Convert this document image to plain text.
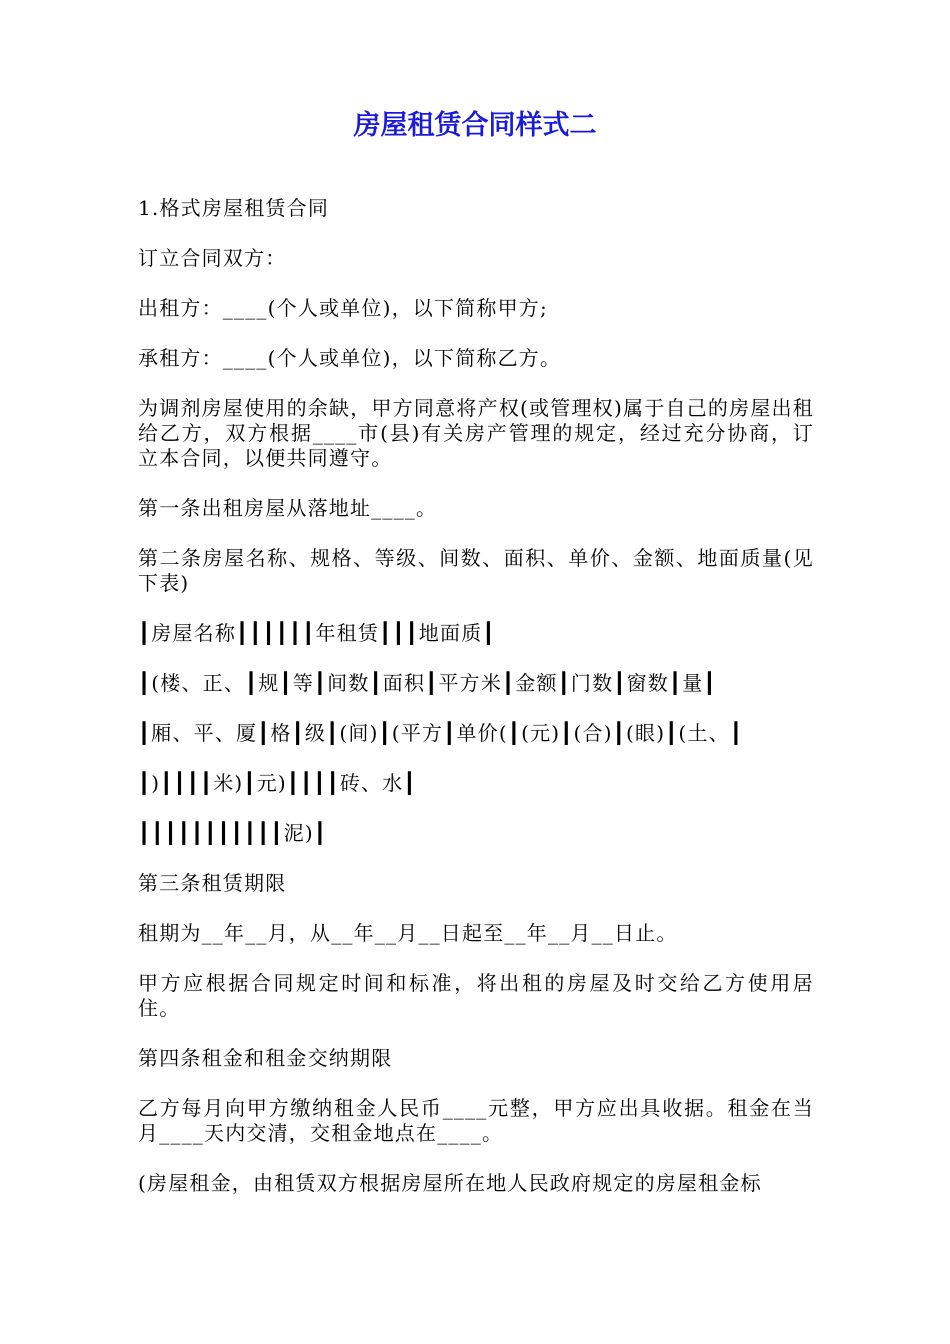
房屋租赁合同样式二

1.格式房屋租赁合同

订立合同双方：

出租方：____(个人或单位)，以下简称甲方;

承租方：____(个人或单位)，以下简称乙方。

为调剂房屋使用的余缺，甲方同意将产权(或管理权)属于自己的房屋出租给乙方，双方根据____市(县)有关房产管理的规定，经过充分协商，订立本合同，以便共同遵守。

第一条出租房屋从落地址____。

第二条房屋名称、规格、等级、间数、面积、单价、金额、地面质量(见下表)

┃房屋名称┃┃┃┃┃┃年租赁┃┃┃地面质┃

┃(楼、正、┃规┃等┃间数┃面积┃平方米┃金额┃门数┃窗数┃量┃

┃厢、平、厦┃格┃级┃(间)┃(平方┃单价(┃(元)┃(合)┃(眼)┃(土、┃

┃)┃┃┃┃米)┃元)┃┃┃┃砖、水┃

┃┃┃┃┃┃┃┃┃┃┃泥)┃

第三条租赁期限

租期为__年__月，从__年__月__日起至__年__月__日止。

甲方应根据合同规定时间和标准，将出租的房屋及时交给乙方使用居住。

第四条租金和租金交纳期限

乙方每月向甲方缴纳租金人民币____元整，甲方应出具收据。租金在当月____天内交清，交租金地点在____。

(房屋租金，由租赁双方根据房屋所在地人民政府规定的房屋租金标
